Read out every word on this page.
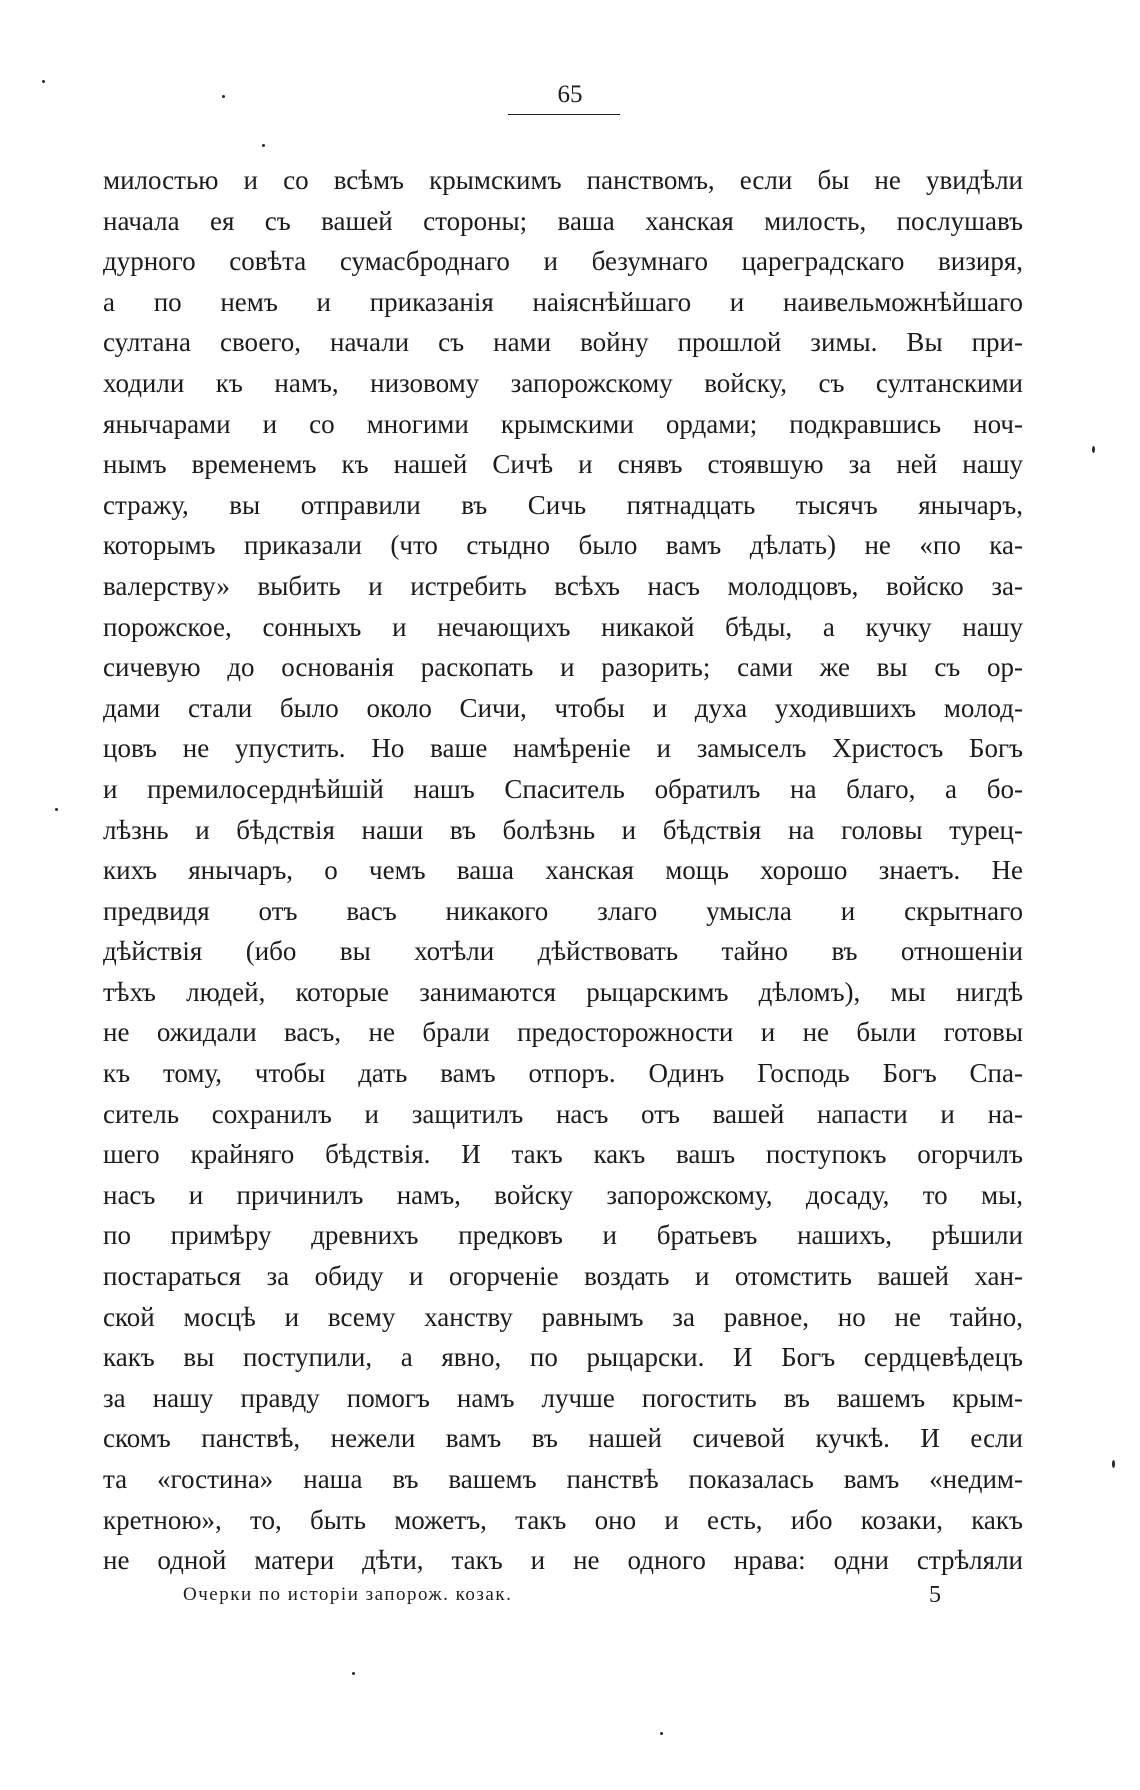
65
милостью и со всѣмъ крымскимъ панствомъ, если бы не увидѣли
начала ея съ вашей стороны; ваша ханская милость, послушавъ
дурного совѣта сумасброднаго и безумнаго цареградскаго визиря,
а по немъ и приказанія наіяснѣйшаго и наивельможнѣйшаго
султана своего, начали съ нами войну прошлой зимы. Вы при-
ходили къ намъ, низовому запорожскому войску, съ султанскими
янычарами и со многими крымскими ордами; подкравшись ноч-
нымъ временемъ къ нашей Сичѣ и снявъ стоявшую за ней нашу
стражу, вы отправили въ Сичь пятнадцать тысячъ янычаръ,
которымъ приказали (что стыдно было вамъ дѣлать) не «по ка-
валерству» выбить и истребить всѣхъ насъ молодцовъ, войско за-
порожское, сонныхъ и нечающихъ никакой бѣды, а кучку нашу
сичевую до основанія раскопать и разорить; сами же вы съ ор-
дами стали было около Сичи, чтобы и духа уходившихъ молод-
цовъ не упустить. Но ваше намѣреніе и замыселъ Христосъ Богъ
и премилосерднѣйшій нашъ Спаситель обратилъ на благо, а бо-
лѣзнь и бѣдствія наши въ болѣзнь и бѣдствія на головы турец-
кихъ янычаръ, о чемъ ваша ханская мощь хорошо знаетъ. Не
предвидя отъ васъ никакого злаго умысла и скрытнаго
дѣйствія (ибо вы хотѣли дѣйствовать тайно въ отношеніи
тѣхъ людей, которые занимаются рыцарскимъ дѣломъ), мы нигдѣ
не ожидали васъ, не брали предосторожности и не были готовы
къ тому, чтобы дать вамъ отпоръ. Одинъ Господь Богъ Спа-
ситель сохранилъ и защитилъ насъ отъ вашей напасти и на-
шего крайняго бѣдствія. И такъ какъ вашъ поступокъ огорчилъ
насъ и причинилъ намъ, войску запорожскому, досаду, то мы,
по примѣру древнихъ предковъ и братьевъ нашихъ, рѣшили
постараться за обиду и огорченіе воздать и отомстить вашей хан-
ской мосцѣ и всему ханству равнымъ за равное, но не тайно,
какъ вы поступили, а явно, по рыцарски. И Богъ сердцевѣдецъ
за нашу правду помогъ намъ лучше погостить въ вашемъ крым-
скомъ панствѣ, нежели вамъ въ нашей сичевой кучкѣ. И если
та «гостина» наша въ вашемъ панствѣ показалась вамъ «недим-
кретною», то, быть можетъ, такъ оно и есть, ибо козаки, какъ
не одной матери дѣти, такъ и не одного нрава: одни стрѣляли
Очерки по исторіи запорож. козак.	5
